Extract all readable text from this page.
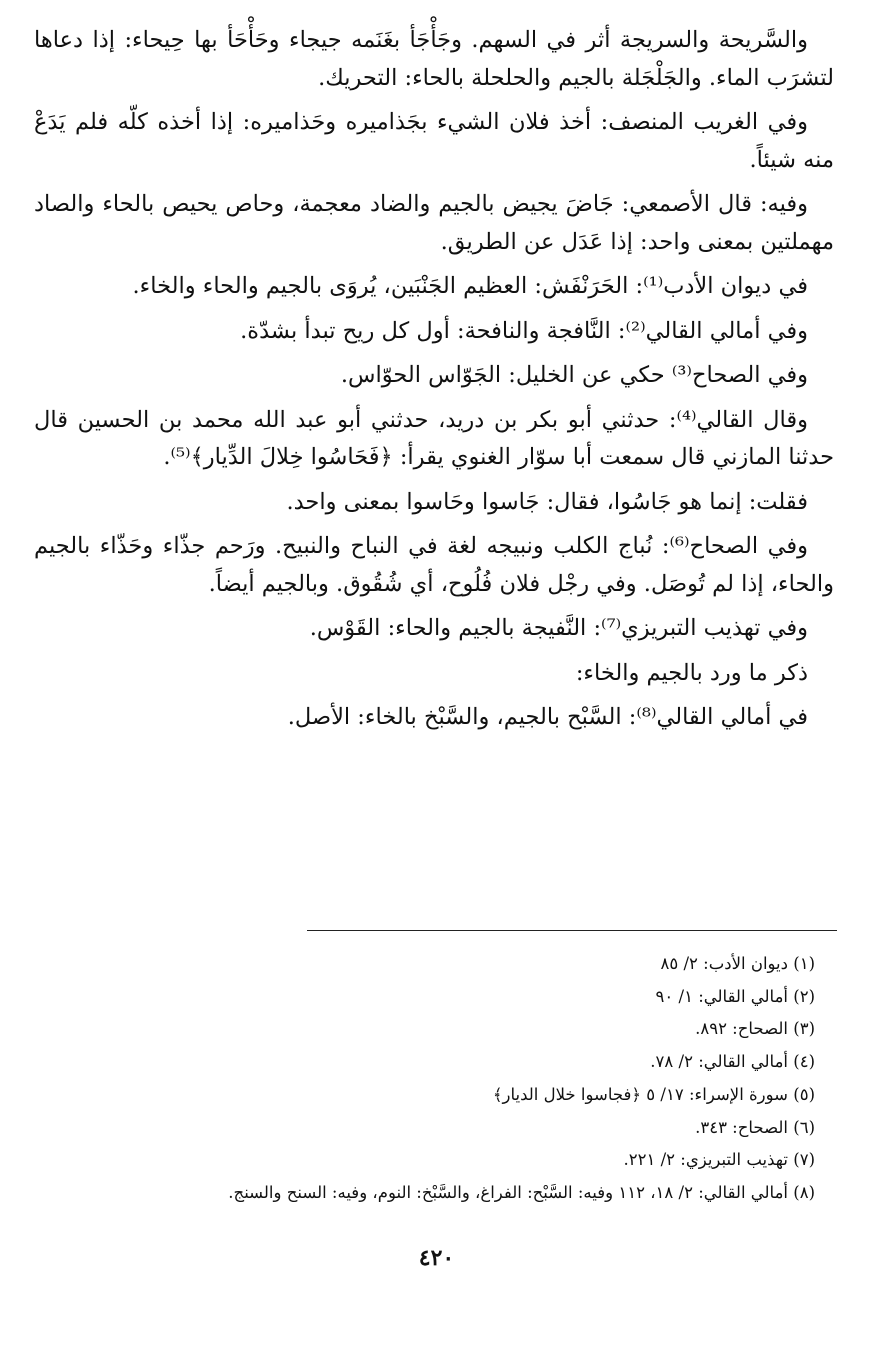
والسَّريحة والسريجة أثر في السهم. وجَأْجَأ بغَنَمه جيجاء وحَأْحَأ بها حِيحاء: إذا دعاها لتشرَب الماء. والجَلْجَلة بالجيم والحلحلة بالحاء: التحريك.

وفي الغريب المنصف: أخذ فلان الشيء بجَذاميره وحَذاميره: إذا أخذه كلّه فلم يَدَعْ منه شيئاً.

وفيه: قال الأصمعي: جَاضَ يجيض بالجيم والضاد معجمة، وحاص يحيص بالحاء والصاد مهملتين بمعنى واحد: إذا عَدَل عن الطريق.

في ديوان الأدب⁽¹⁾: الحَرَنْفَش: العظيم الجَنْبَين، يُروَى بالجيم والحاء والخاء.

وفي أمالي القالي⁽²⁾: النَّافجة والنافحة: أول كل ريح تبدأ بشدّة.

وفي الصحاح⁽³⁾ حكي عن الخليل: الجَوّاس الحوّاس.

وقال القالي⁽⁴⁾: حدثني أبو بكر بن دريد، حدثني أبو عبد الله محمد بن الحسين قال حدثنا المازني قال سمعت أبا سوّار الغنوي يقرأ: ﴿فَحَاسُوا خِلالَ الدِّيار﴾⁽⁵⁾.

فقلت: إنما هو جَاسُوا، فقال: جَاسوا وحَاسوا بمعنى واحد.

وفي الصحاح⁽⁶⁾: نُباج الكلب ونبيجه لغة في النباح والنبيح. ورَحم جذّاء وحَذّاء بالجيم والحاء، إذا لم تُوصَل. وفي رجْل فلان فُلُوح، أي شُقُوق. وبالجيم أيضاً.

وفي تهذيب التبريزي⁽⁷⁾: النَّفيجة بالجيم والحاء: القَوْس.

ذكر ما ورد بالجيم والخاء:

في أمالي القالي⁽⁸⁾: السَّبْح بالجيم، والسَّبْخ بالخاء: الأصل.

(١) ديوان الأدب: ٢/ ٨٥
(٢) أمالي القالي: ١/ ٩٠
(٣) الصحاح: ٨٩٢.
(٤) أمالي القالي: ٢/ ٧٨.
(٥) سورة الإسراء: ١٧/ ٥ ﴿فجاسوا خلال الديار﴾
(٦) الصحاح: ٣٤٣.
(٧) تهذيب التبريزي: ٢/ ٢٢١.
(٨) أمالي القالي: ٢/ ١٨، ١١٢ وفيه: السَّبْح: الفراغ، والسَّبْخ: النوم، وفيه: السنح والسنج.
٤٢٠
